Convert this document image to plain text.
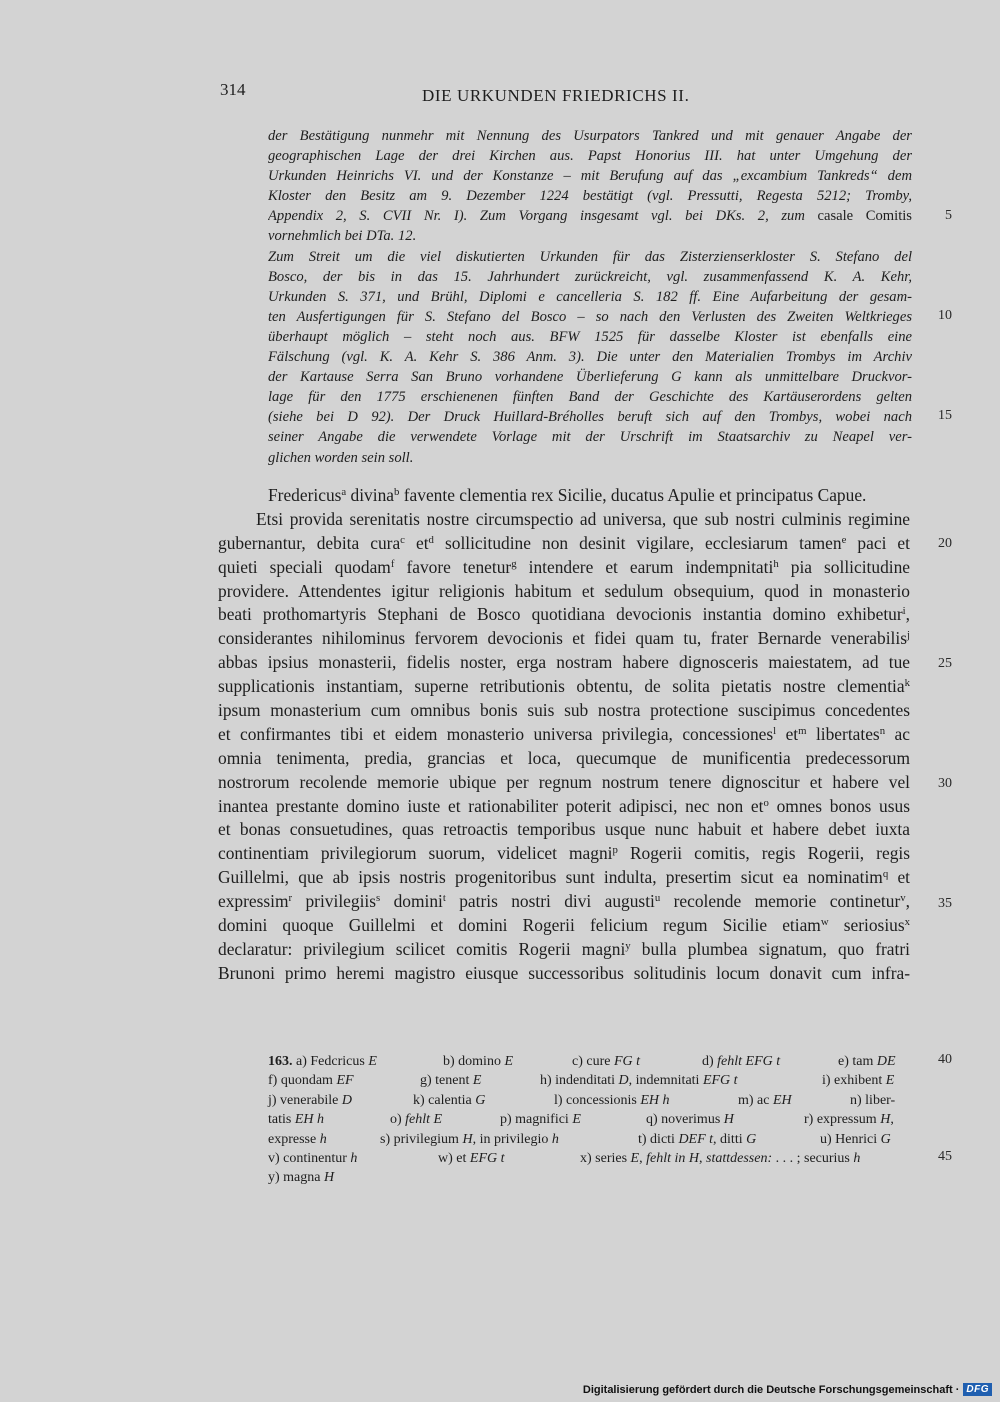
314	DIE URKUNDEN FRIEDRICHS II.
der Bestätigung nunmehr mit Nennung des Usurpators Tankred und mit genauer Angabe der
geographischen Lage der drei Kirchen aus. Papst Honorius III. hat unter Umgehung der
Urkunden Heinrichs VI. und der Konstanze – mit Berufung auf das „excambium Tankreds“ dem
Kloster den Besitz am 9. Dezember 1224 bestätigt (vgl. Pressutti, Regesta 5212; Tromby,
Appendix 2, S. CVII Nr. I). Zum Vorgang insgesamt vgl. bei DKs. 2, zum casale Comitis
vornehmlich bei DTa. 12.
Zum Streit um die viel diskutierten Urkunden für das Zisterzienserkloster S. Stefano del
Bosco, der bis in das 15. Jahrhundert zurückreicht, vgl. zusammenfassend K. A. Kehr,
Urkunden S. 371, und Brühl, Diplomi e cancelleria S. 182 ff. Eine Aufarbeitung der gesam-
ten Ausfertigungen für S. Stefano del Bosco – so nach den Verlusten des Zweiten Weltkrieges
überhaupt möglich – steht noch aus. BFW 1525 für dasselbe Kloster ist ebenfalls eine
Fälschung (vgl. K. A. Kehr S. 386 Anm. 3). Die unter den Materialien Trombys im Archiv
der Kartause Serra San Bruno vorhandene Überlieferung G kann als unmittelbare Druckvor-
lage für den 1775 erschienenen fünften Band der Geschichte des Kartäuserordens gelten
(siehe bei D 92). Der Druck Huillard-Bréholles beruft sich auf den Trombys, wobei nach
seiner Angabe die verwendete Vorlage mit der Urschrift im Staatsarchiv zu Neapel ver-
glichen worden sein soll.
Fredericus$^a$ divina$^b$ favente clementia rex Sicilie, ducatus Apulie et principatus Capue.
Etsi provida serenitatis nostre circumspectio ad universa, que sub nostri culminis regimine
gubernantur, debita cura$^c$ $et^d$ sollicitudine non desinit vigilare, ecclesiarum tamen$^e$ paci et
quieti speciali quodam$^f$ favore tenetur$^g$ intendere et earum indempnitati$^h$ pia sollicitudine
providere. Attendentes igitur religionis habitum et sedulum obsequium, quod in monasterio
beati prothomartyris Stephani de Bosco quotidiana devocionis instantia domino exhibetur$^i$,
considerantes nihilominus fervorem devocionis et fidei quam tu, frater Bernarde venerabilis$^j$
abbas ipsius monasterii, fidelis noster, erga nostram habere dignosceris maiestatem, ad tue
supplicationis instantiam, superne retributionis obtentu, de solita pietatis nostre clementia$^k$
ipsum monasterium cum omnibus bonis suis sub nostra protectione suscipimus concedentes
et confirmantes tibi et eidem monasterio universa privilegia, concessiones$^l$ $et^m$ libertates$^n$ ac
omnia tenimenta, predia, grancias et loca, quecumque de munificentia predecessorum
nostrorum recolende memorie ubique per regnum nostrum tenere dignoscitur et habere vel
inantea prestante domino iuste et rationabiliter poterit adipisci, nec non $et^o$ omnes bonos usus
et bonas consuetudines, quas retroactis temporibus usque nunc habuit et habere debet iuxta
continentiam privilegiorum suorum, videlicet magni$^p$ Rogerii comitis, regis Rogerii, regis
Guillelmi, que ab ipsis nostris progenitoribus sunt indulta, presertim sicut ea nominatim$^q$ et
expressim$^r$ privilegiis$^s$ domini$^t$ patris nostri divi augusti$^u$ recolende memorie continetur$^v$,
domini quoque Guillelmi et domini Rogerii felicium regum Sicilie etiam$^w$ seriosius$^x$
declaratur: privilegium scilicet comitis Rogerii magni$^y$ bulla plumbea signatum, quo fratri
Brunoni primo heremi magistro eiusque successoribus solitudinis locum donavit cum infra-
163. a) Fedcricus E	b) domino E	c) cure FG t	d) fehlt EFG t	e) tam DE
f) quondam EF	g) tenent E	h) indenditati D, indemnitati EFG t	i) exhibent E
j) venerabile D	k) calentia G	l) concessionis EH h	m) ac EH	n) liber-
tatis EH h	o) fehlt E	p) magnifici E	q) noverimus H	r) expressum H,
expresse h	s) privilegium H, in privilegio h	t) dicti DEF t, ditti G	u) Henrici G
v) continentur h	w) et EFG t	x) series E, fehlt in H, stattdessen: . . . ; securius h
y) magna H
5
10
15
20
25
30
35
40
45
Digitalisierung gefördert durch die Deutsche Forschungsgemeinschaft · DFG
